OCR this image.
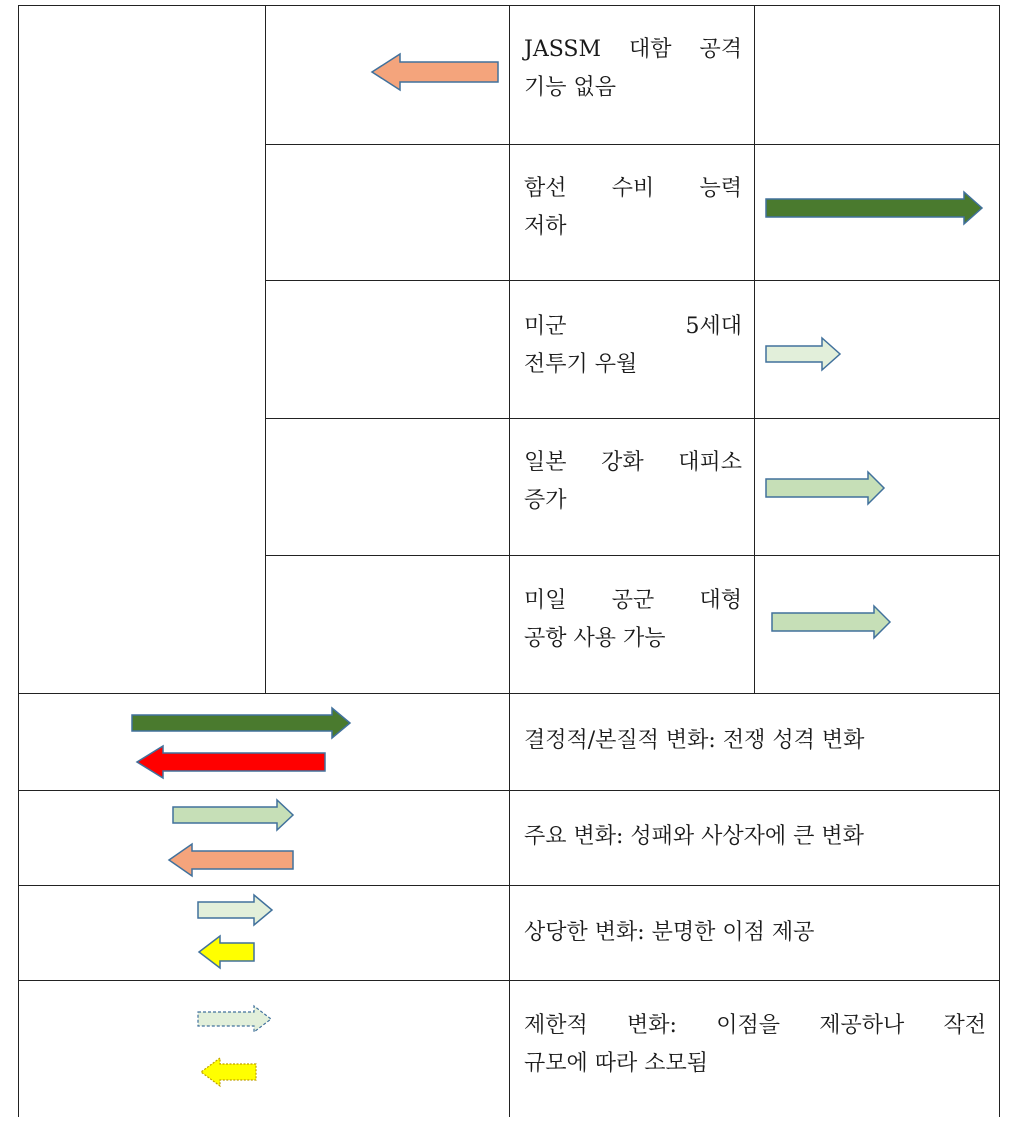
JASSM 대함 공격
기능 없음
함선 수비 능력
저하
미군 5세대
전투기 우월
일본 강화 대피소
증가
미일 공군 대형
공항 사용 가능
결정적/본질적 변화: 전쟁 성격 변화
주요 변화: 성패와 사상자에 큰 변화
상당한 변화: 분명한 이점 제공
제한적 변화: 이점을 제공하나 작전
규모에 따라 소모됨
